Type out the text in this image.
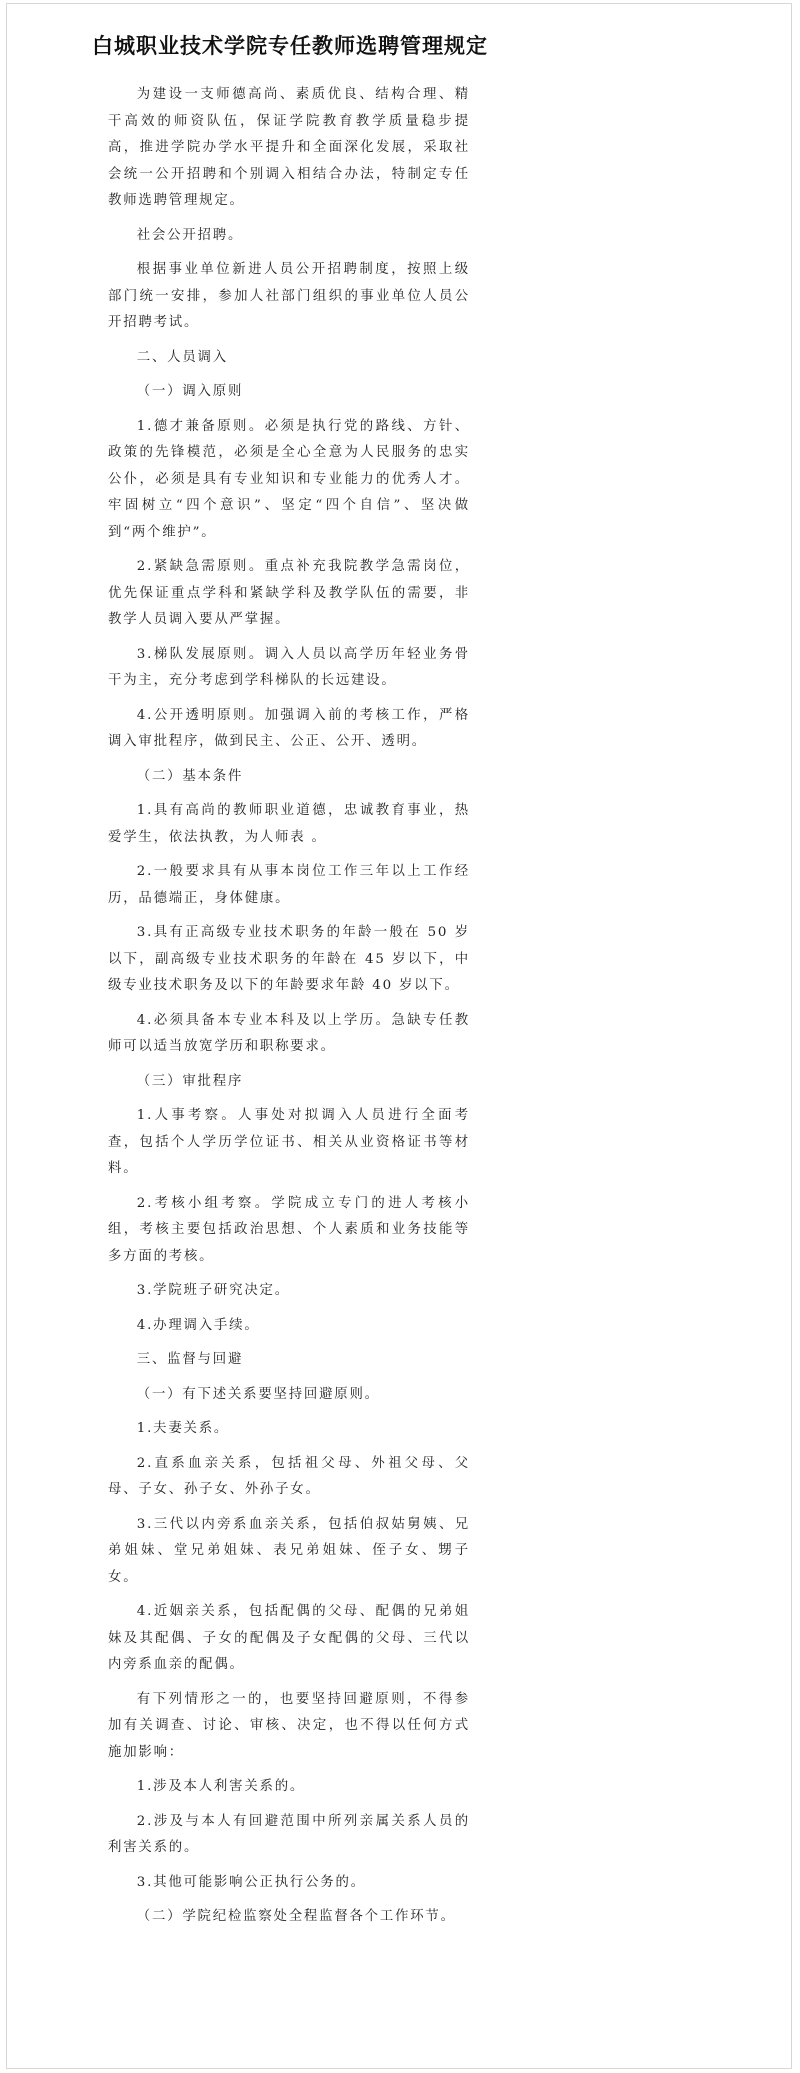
白城职业技术学院专任教师选聘管理规定

为建设一支师德高尚、素质优良、结构合理、精干高效的师资队伍，保证学院教育教学质量稳步提高，推进学院办学水平提升和全面深化发展，采取社会统一公开招聘和个别调入相结合办法，特制定专任教师选聘管理规定。

社会公开招聘。

根据事业单位新进人员公开招聘制度，按照上级部门统一安排，参加人社部门组织的事业单位人员公开招聘考试。

二、人员调入

（一）调入原则

1.德才兼备原则。必须是执行党的路线、方针、政策的先锋模范，必须是全心全意为人民服务的忠实公仆，必须是具有专业知识和专业能力的优秀人才。牢固树立“四个意识”、坚定“四个自信”、坚决做到“两个维护”。

2.紧缺急需原则。重点补充我院教学急需岗位，优先保证重点学科和紧缺学科及教学队伍的需要，非教学人员调入要从严掌握。

3.梯队发展原则。调入人员以高学历年轻业务骨干为主，充分考虑到学科梯队的长远建设。

4.公开透明原则。加强调入前的考核工作，严格调入审批程序，做到民主、公正、公开、透明。

（二）基本条件

1.具有高尚的教师职业道德，忠诚教育事业，热爱学生，依法执教，为人师表 。

2.一般要求具有从事本岗位工作三年以上工作经历，品德端正，身体健康。

3.具有正高级专业技术职务的年龄一般在 50 岁以下，副高级专业技术职务的年龄在 45 岁以下，中级专业技术职务及以下的年龄要求年龄 40 岁以下。

4.必须具备本专业本科及以上学历。急缺专任教师可以适当放宽学历和职称要求。

（三）审批程序

1.人事考察。人事处对拟调入人员进行全面考查，包括个人学历学位证书、相关从业资格证书等材料。

2.考核小组考察。学院成立专门的进人考核小组，考核主要包括政治思想、个人素质和业务技能等多方面的考核。

3.学院班子研究决定。

4.办理调入手续。

三、监督与回避

（一）有下述关系要坚持回避原则。

1.夫妻关系。

2.直系血亲关系，包括祖父母、外祖父母、父母、子女、孙子女、外孙子女。

3.三代以内旁系血亲关系，包括伯叔姑舅姨、兄弟姐妹、堂兄弟姐妹、表兄弟姐妹、侄子女、甥子女。

4.近姻亲关系，包括配偶的父母、配偶的兄弟姐妹及其配偶、子女的配偶及子女配偶的父母、三代以内旁系血亲的配偶。

有下列情形之一的，也要坚持回避原则，不得参加有关调查、讨论、审核、决定，也不得以任何方式施加影响：

1.涉及本人利害关系的。

2.涉及与本人有回避范围中所列亲属关系人员的利害关系的。

3.其他可能影响公正执行公务的。

（二）学院纪检监察处全程监督各个工作环节。
